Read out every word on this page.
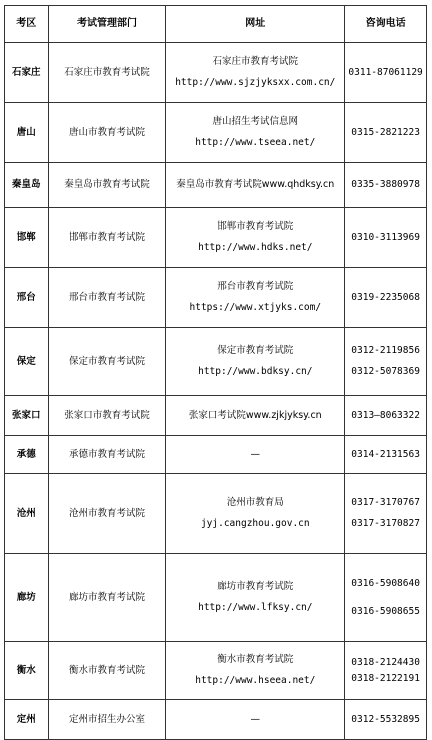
考区	考试管理部门	网址	咨询电话
石家庄	石家庄市教育考试院	石家庄市教育考试院
http://www.sjzjyksxx.com.cn/	0311-87061129

唐山	唐山市教育考试院	唐山招生考试信息网
http://www.tseea.net/	0315-2821223

秦皇岛	秦皇岛市教育考试院	秦皇岛市教育考试院www.qhdksy.cn	0335-3880978

邯郸	邯郸市教育考试院	邯郸市教育考试院
http://www.hdks.net/	0310-3113969

邢台	邢台市教育考试院	邢台市教育考试院
https://www.xtjyks.com/	0319-2235068

保定	保定市教育考试院	保定市教育考试院
http://www.bdksy.cn/	0312-2119856
0312-5078369

张家口	张家口市教育考试院	张家口考试院www.zjkjyksy.cn	0313—8063322

承德	承德市教育考试院	—	0314-2131563

沧州	沧州市教育考试院	沧州市教育局
jyj.cangzhou.gov.cn	0317-3170767
0317-3170827

廊坊	廊坊市教育考试院	廊坊市教育考试院
http://www.lfksy.cn/	0316-5908640
0316-5908655

衡水	衡水市教育考试院	衡水市教育考试院
http://www.hseea.net/	0318-2124430
0318-2122191

定州	定州市招生办公室	—	0312-5532895
